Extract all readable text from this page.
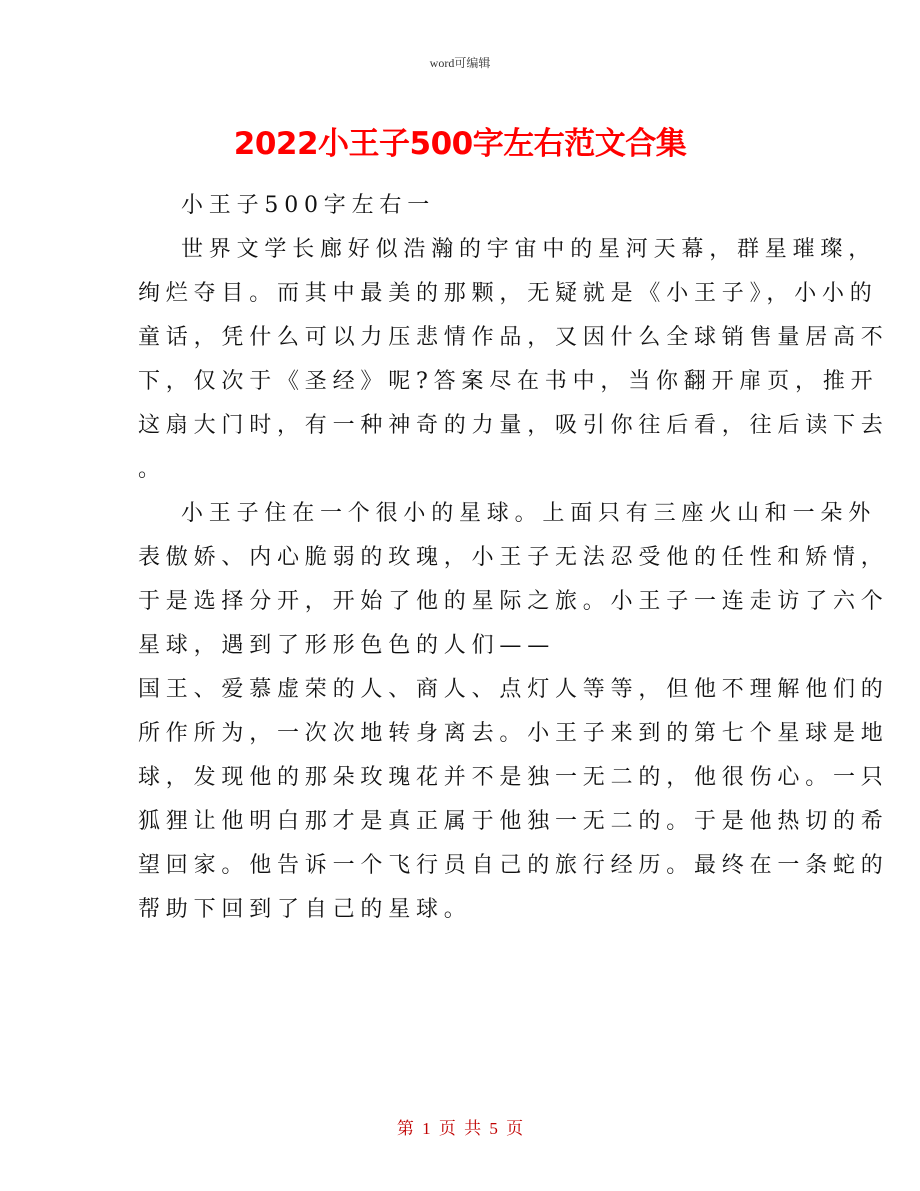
word可编辑
2022小王子500字左右范文合集
小王子500字左右一
世界文学长廊好似浩瀚的宇宙中的星河天幕，群星璀璨，
绚烂夺目。而其中最美的那颗，无疑就是《小王子》，小小的
童话，凭什么可以力压悲情作品，又因什么全球销售量居高不
下，仅次于《圣经》呢?答案尽在书中，当你翻开扉页，推开
这扇大门时，有一种神奇的力量，吸引你往后看，往后读下去
。
小王子住在一个很小的星球。上面只有三座火山和一朵外
表傲娇、内心脆弱的玫瑰，小王子无法忍受他的任性和矫情，
于是选择分开，开始了他的星际之旅。小王子一连走访了六个
星球，遇到了形形色色的人们——
国王、爱慕虚荣的人、商人、点灯人等等，但他不理解他们的
所作所为，一次次地转身离去。小王子来到的第七个星球是地
球，发现他的那朵玫瑰花并不是独一无二的，他很伤心。一只
狐狸让他明白那才是真正属于他独一无二的。于是他热切的希
望回家。他告诉一个飞行员自己的旅行经历。最终在一条蛇的
帮助下回到了自己的星球。
第 1 页 共 5 页
